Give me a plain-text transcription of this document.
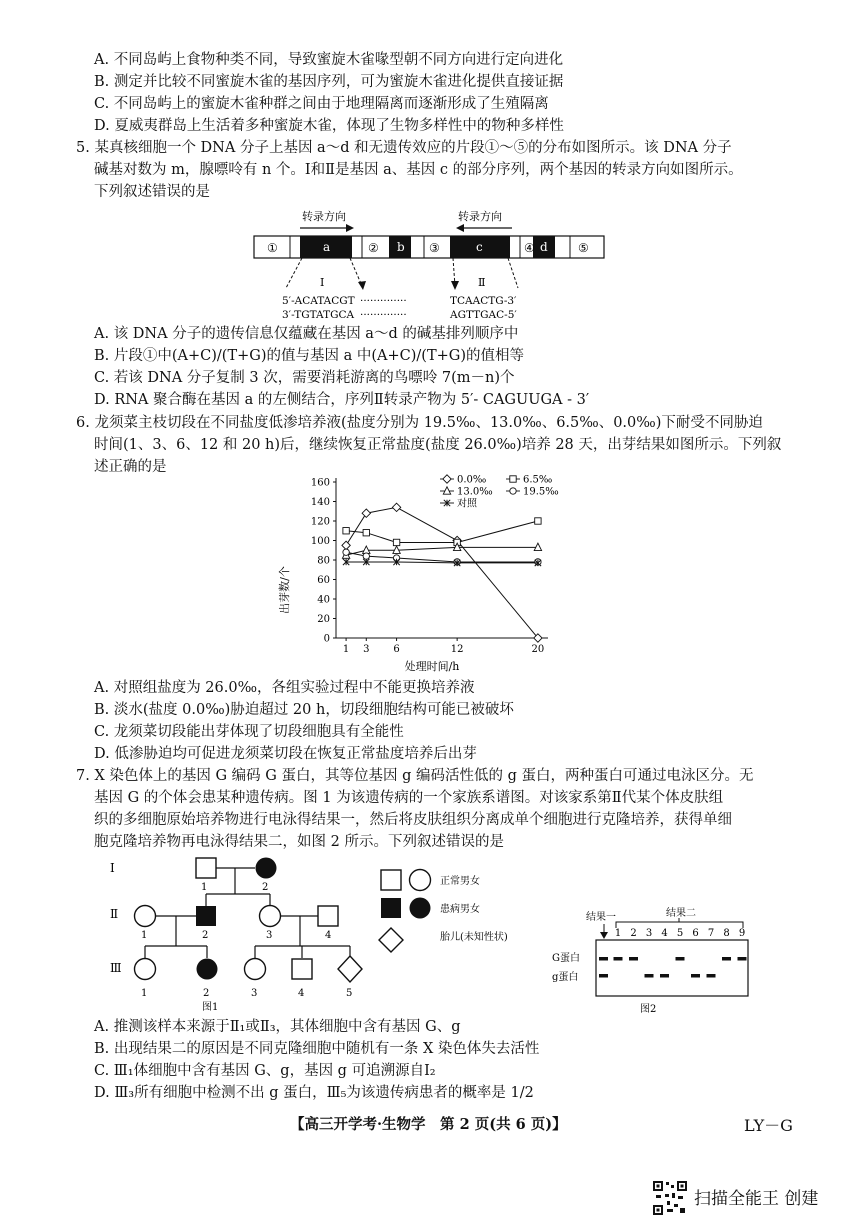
A. 不同岛屿上食物种类不同，导致蜜旋木雀喙型朝不同方向进行定向进化
B. 测定并比较不同蜜旋木雀的基因序列，可为蜜旋木雀进化提供直接证据
C. 不同岛屿上的蜜旋木雀种群之间由于地理隔离而逐渐形成了生殖隔离
D. 夏威夷群岛上生活着多种蜜旋木雀，体现了生物多样性中的物种多样性
5. 某真核细胞一个 DNA 分子上基因 a～d 和无遗传效应的片段①～⑤的分布如图所示。该 DNA 分子
碱基对数为 m，腺嘌呤有 n 个。Ⅰ和Ⅱ是基因 a、基因 c 的部分序列，两个基因的转录方向如图所示。
下列叙述错误的是
转录方向	转录方向
①	a	② b ③	c	④ d	⑤
Ⅰ	Ⅱ
5′-ACATACGT
3′-TGTATGCA
··············
··············
TCAACTG-3′
AGTTGAC-5′
A. 该 DNA 分子的遗传信息仅蕴藏在基因 a～d 的碱基排列顺序中
B. 片段①中(A+C)/(T+G)的值与基因 a 中(A+C)/(T+G)的值相等
C. 若该 DNA 分子复制 3 次，需要消耗游离的鸟嘌呤 7(m－n)个
D. RNA 聚合酶在基因 a 的左侧结合，序列Ⅱ转录产物为 5′- CAGUUGA - 3′
6. 龙须菜主枝切段在不同盐度低渗培养液(盐度分别为 19.5‰、13.0‰、6.5‰、0.0‰)下耐受不同胁迫
时间(1、3、6、12 和 20 h)后，继续恢复正常盐度(盐度 26.0‰)培养 28 天，出芽结果如图所示。下列叙
述正确的是
0
20
40
60
80
100
120
140
160
1 3 6	12	20
0.0‰	6.5‰
13.0‰	19.5‰
对照
出芽数/个
处理时间/h
A. 对照组盐度为 26.0‰，各组实验过程中不能更换培养液
B. 淡水(盐度 0.0‰)胁迫超过 20 h，切段细胞结构可能已被破坏
C. 龙须菜切段能出芽体现了切段细胞具有全能性
D. 低渗胁迫均可促进龙须菜切段在恢复正常盐度培养后出芽
7. X 染色体上的基因 G 编码 G 蛋白，其等位基因 g 编码活性低的 g 蛋白，两种蛋白可通过电泳区分。无
基因 G 的个体会患某种遗传病。图 1 为该遗传病的一个家族系谱图。对该家系第Ⅱ代某个体皮肤组
织的多细胞原始培养物进行电泳得结果一，然后将皮肤组织分离成单个细胞进行克隆培养，获得单细
胞克隆培养物再电泳得结果二，如图 2 所示。下列叙述错误的是
Ⅰ
Ⅱ
Ⅲ
1	2
1	2	3	4
1	2	3	4	5
图1
正常男女
患病男女
胎儿(未知性状)
结果一	结果二
G蛋白
g蛋白
1 2 3 4 5 6 7 8 9
图2
A. 推测该样本来源于Ⅱ₁或Ⅱ₃，其体细胞中含有基因 G、g
B. 出现结果二的原因是不同克隆细胞中随机有一条 X 染色体失去活性
C. Ⅲ₁体细胞中含有基因 G、g，基因 g 可追溯源自Ⅰ₂
D. Ⅲ₃所有细胞中检测不出 g 蛋白，Ⅲ₅为该遗传病患者的概率是 1/2
【高三开学考·生物学　第 2 页(共 6 页)】	LY－G
扫描全能王 创建
